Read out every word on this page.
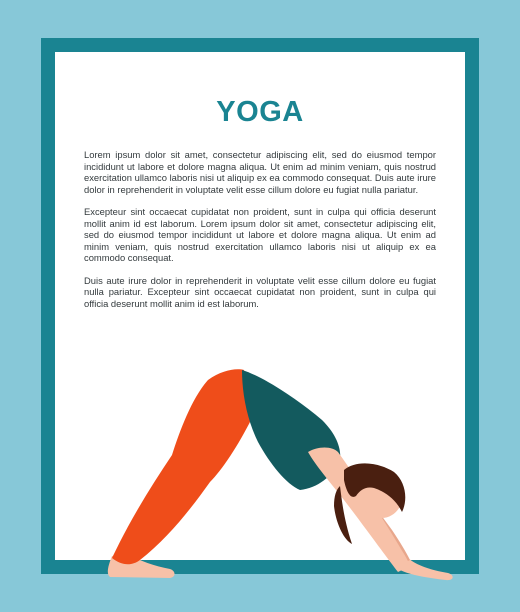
YOGA

Lorem ipsum dolor sit amet, consectetur adipiscing elit, sed do eiusmod tempor incididunt ut labore et dolore magna aliqua. Ut enim ad minim veniam, quis nostrud exercitation ullamco laboris nisi ut aliquip ex ea commodo consequat. Duis aute irure dolor in reprehenderit in voluptate velit esse cillum dolore eu fugiat nulla pariatur.

Excepteur sint occaecat cupidatat non proident, sunt in culpa qui officia deserunt mollit anim id est laborum. Lorem ipsum dolor sit amet, consectetur adipiscing elit, sed do eiusmod tempor incididunt ut labore et dolore magna aliqua. Ut enim ad minim veniam, quis nostrud exercitation ullamco laboris nisi ut aliquip ex ea commodo consequat.

Duis aute irure dolor in reprehenderit in voluptate velit esse cillum dolore eu fugiat nulla pariatur. Excepteur sint occaecat cupidatat non proident, sunt in culpa qui officia deserunt mollit anim id est laborum.
